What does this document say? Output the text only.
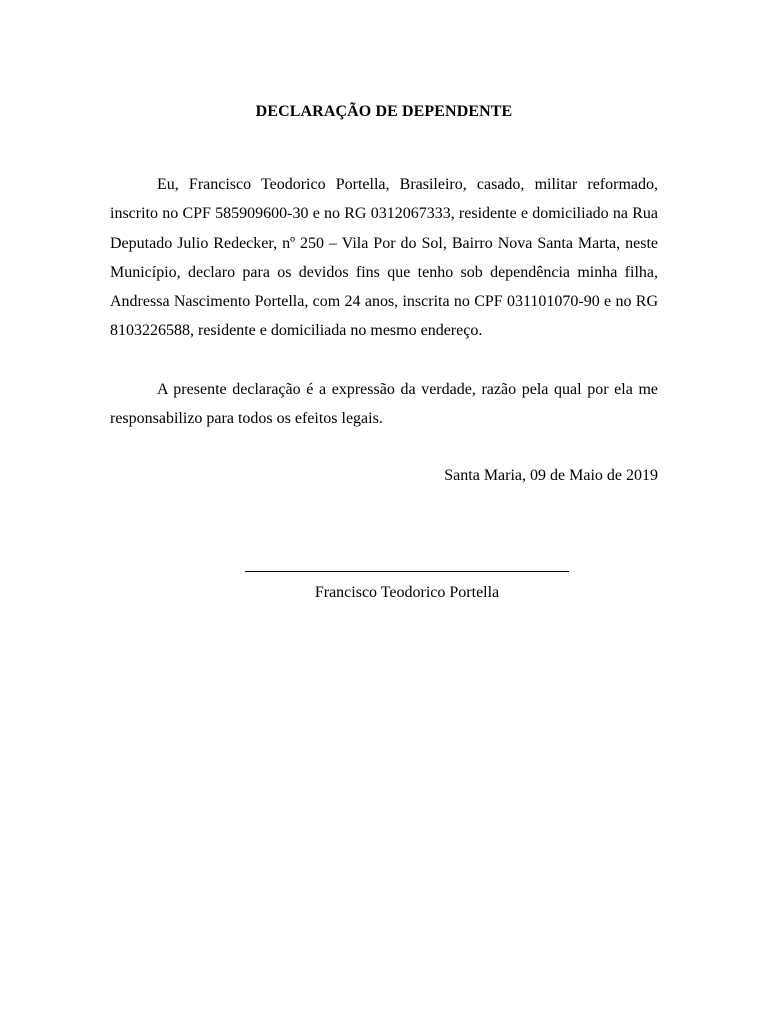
DECLARAÇÃO DE DEPENDENTE

Eu, Francisco Teodorico Portella, Brasileiro, casado, militar reformado, inscrito no CPF 585909600-30 e no RG 0312067333, residente e domiciliado na Rua Deputado Julio Redecker, nº 250 – Vila Por do Sol, Bairro Nova Santa Marta, neste Município, declaro para os devidos fins que tenho sob dependência minha filha, Andressa Nascimento Portella, com 24 anos, inscrita no CPF 031101070-90 e no RG 8103226588, residente e domiciliada no mesmo endereço.

A presente declaração é a expressão da verdade, razão pela qual por ela me responsabilizo para todos os efeitos legais.

Santa Maria, 09 de Maio de 2019
Francisco Teodorico Portella
